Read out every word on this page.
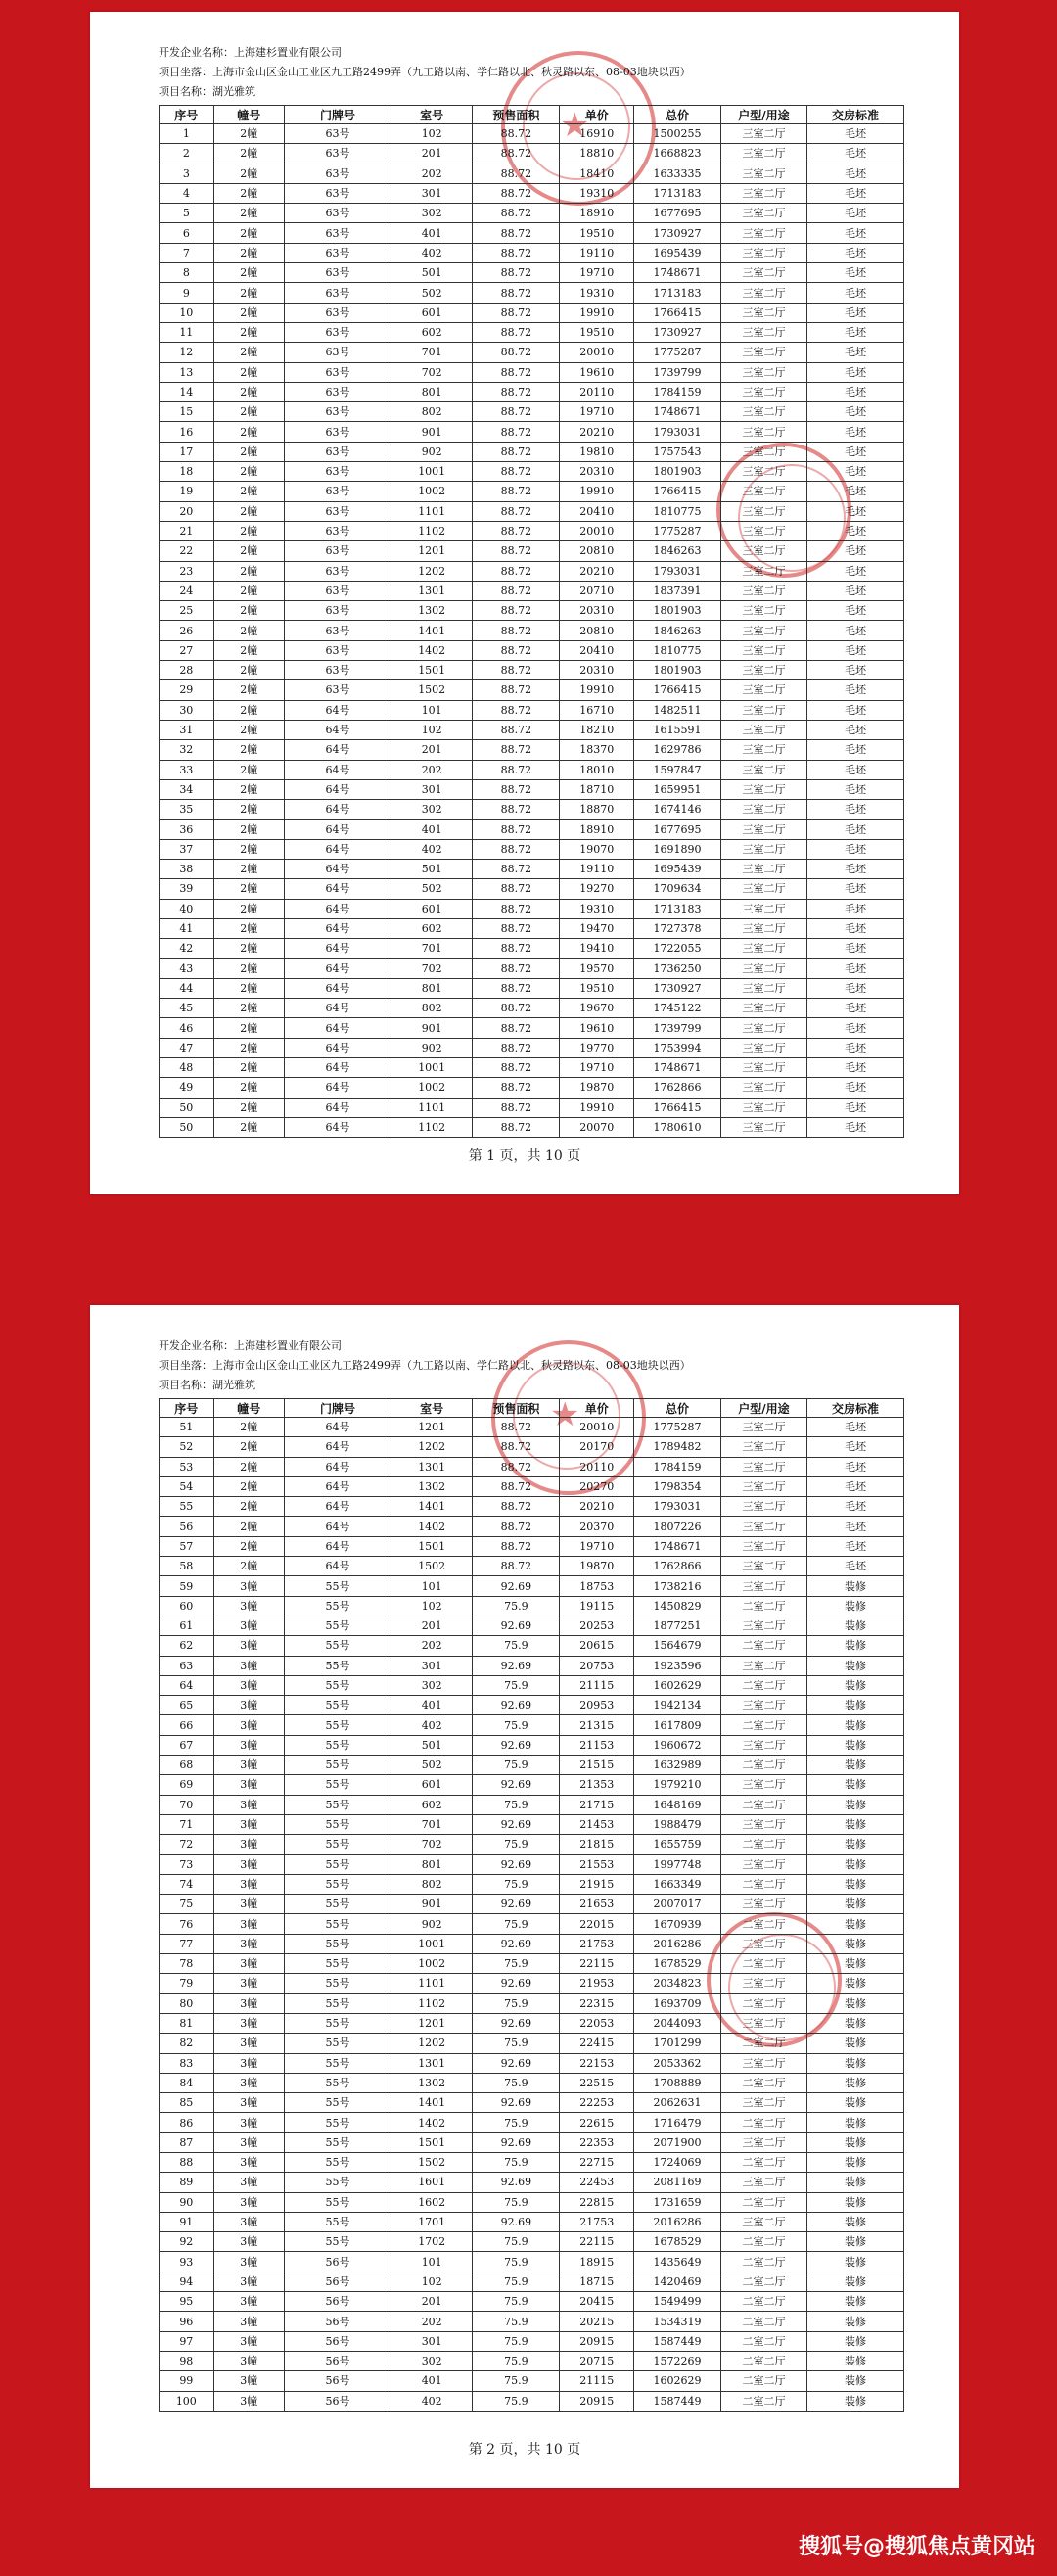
★
开发企业名称：上海建杉置业有限公司
项目坐落：上海市金山区金山工业区九工路2499弄（九工路以南、学仁路以北、秋灵路以东、08-03地块以西）
项目名称：湖光雅筑
序号	幢号	门牌号	室号	预售面积	单价	总价	户型/用途	交房标准
1	2幢	63号	102	88.72	16910	1500255	三室二厅	毛坯
2	2幢	63号	201	88.72	18810	1668823	三室二厅	毛坯
3	2幢	63号	202	88.72	18410	1633335	三室二厅	毛坯
4	2幢	63号	301	88.72	19310	1713183	三室二厅	毛坯
5	2幢	63号	302	88.72	18910	1677695	三室二厅	毛坯
6	2幢	63号	401	88.72	19510	1730927	三室二厅	毛坯
7	2幢	63号	402	88.72	19110	1695439	三室二厅	毛坯
8	2幢	63号	501	88.72	19710	1748671	三室二厅	毛坯
9	2幢	63号	502	88.72	19310	1713183	三室二厅	毛坯
10	2幢	63号	601	88.72	19910	1766415	三室二厅	毛坯
11	2幢	63号	602	88.72	19510	1730927	三室二厅	毛坯
12	2幢	63号	701	88.72	20010	1775287	三室二厅	毛坯
13	2幢	63号	702	88.72	19610	1739799	三室二厅	毛坯
14	2幢	63号	801	88.72	20110	1784159	三室二厅	毛坯
15	2幢	63号	802	88.72	19710	1748671	三室二厅	毛坯
16	2幢	63号	901	88.72	20210	1793031	三室二厅	毛坯
17	2幢	63号	902	88.72	19810	1757543	三室二厅	毛坯
18	2幢	63号	1001	88.72	20310	1801903	三室二厅	毛坯
19	2幢	63号	1002	88.72	19910	1766415	三室二厅	毛坯
20	2幢	63号	1101	88.72	20410	1810775	三室二厅	毛坯
21	2幢	63号	1102	88.72	20010	1775287	三室二厅	毛坯
22	2幢	63号	1201	88.72	20810	1846263	三室二厅	毛坯
23	2幢	63号	1202	88.72	20210	1793031	三室二厅	毛坯
24	2幢	63号	1301	88.72	20710	1837391	三室二厅	毛坯
25	2幢	63号	1302	88.72	20310	1801903	三室二厅	毛坯
26	2幢	63号	1401	88.72	20810	1846263	三室二厅	毛坯
27	2幢	63号	1402	88.72	20410	1810775	三室二厅	毛坯
28	2幢	63号	1501	88.72	20310	1801903	三室二厅	毛坯
29	2幢	63号	1502	88.72	19910	1766415	三室二厅	毛坯
30	2幢	64号	101	88.72	16710	1482511	三室二厅	毛坯
31	2幢	64号	102	88.72	18210	1615591	三室二厅	毛坯
32	2幢	64号	201	88.72	18370	1629786	三室二厅	毛坯
33	2幢	64号	202	88.72	18010	1597847	三室二厅	毛坯
34	2幢	64号	301	88.72	18710	1659951	三室二厅	毛坯
35	2幢	64号	302	88.72	18870	1674146	三室二厅	毛坯
36	2幢	64号	401	88.72	18910	1677695	三室二厅	毛坯
37	2幢	64号	402	88.72	19070	1691890	三室二厅	毛坯
38	2幢	64号	501	88.72	19110	1695439	三室二厅	毛坯
39	2幢	64号	502	88.72	19270	1709634	三室二厅	毛坯
40	2幢	64号	601	88.72	19310	1713183	三室二厅	毛坯
41	2幢	64号	602	88.72	19470	1727378	三室二厅	毛坯
42	2幢	64号	701	88.72	19410	1722055	三室二厅	毛坯
43	2幢	64号	702	88.72	19570	1736250	三室二厅	毛坯
44	2幢	64号	801	88.72	19510	1730927	三室二厅	毛坯
45	2幢	64号	802	88.72	19670	1745122	三室二厅	毛坯
46	2幢	64号	901	88.72	19610	1739799	三室二厅	毛坯
47	2幢	64号	902	88.72	19770	1753994	三室二厅	毛坯
48	2幢	64号	1001	88.72	19710	1748671	三室二厅	毛坯
49	2幢	64号	1002	88.72	19870	1762866	三室二厅	毛坯
50	2幢	64号	1101	88.72	19910	1766415	三室二厅	毛坯
50	2幢	64号	1102	88.72	20070	1780610	三室二厅	毛坯
第 1 页，共 10 页
★
开发企业名称：上海建杉置业有限公司
项目坐落：上海市金山区金山工业区九工路2499弄（九工路以南、学仁路以北、秋灵路以东、08-03地块以西）
项目名称：湖光雅筑
序号	幢号	门牌号	室号	预售面积	单价	总价	户型/用途	交房标准
51	2幢	64号	1201	88.72	20010	1775287	三室二厅	毛坯
52	2幢	64号	1202	88.72	20170	1789482	三室二厅	毛坯
53	2幢	64号	1301	88.72	20110	1784159	三室二厅	毛坯
54	2幢	64号	1302	88.72	20270	1798354	三室二厅	毛坯
55	2幢	64号	1401	88.72	20210	1793031	三室二厅	毛坯
56	2幢	64号	1402	88.72	20370	1807226	三室二厅	毛坯
57	2幢	64号	1501	88.72	19710	1748671	三室二厅	毛坯
58	2幢	64号	1502	88.72	19870	1762866	三室二厅	毛坯
59	3幢	55号	101	92.69	18753	1738216	三室二厅	装修
60	3幢	55号	102	75.9	19115	1450829	二室二厅	装修
61	3幢	55号	201	92.69	20253	1877251	三室二厅	装修
62	3幢	55号	202	75.9	20615	1564679	二室二厅	装修
63	3幢	55号	301	92.69	20753	1923596	三室二厅	装修
64	3幢	55号	302	75.9	21115	1602629	二室二厅	装修
65	3幢	55号	401	92.69	20953	1942134	三室二厅	装修
66	3幢	55号	402	75.9	21315	1617809	二室二厅	装修
67	3幢	55号	501	92.69	21153	1960672	三室二厅	装修
68	3幢	55号	502	75.9	21515	1632989	二室二厅	装修
69	3幢	55号	601	92.69	21353	1979210	三室二厅	装修
70	3幢	55号	602	75.9	21715	1648169	二室二厅	装修
71	3幢	55号	701	92.69	21453	1988479	三室二厅	装修
72	3幢	55号	702	75.9	21815	1655759	二室二厅	装修
73	3幢	55号	801	92.69	21553	1997748	三室二厅	装修
74	3幢	55号	802	75.9	21915	1663349	二室二厅	装修
75	3幢	55号	901	92.69	21653	2007017	三室二厅	装修
76	3幢	55号	902	75.9	22015	1670939	二室二厅	装修
77	3幢	55号	1001	92.69	21753	2016286	三室二厅	装修
78	3幢	55号	1002	75.9	22115	1678529	二室二厅	装修
79	3幢	55号	1101	92.69	21953	2034823	三室二厅	装修
80	3幢	55号	1102	75.9	22315	1693709	二室二厅	装修
81	3幢	55号	1201	92.69	22053	2044093	三室二厅	装修
82	3幢	55号	1202	75.9	22415	1701299	二室二厅	装修
83	3幢	55号	1301	92.69	22153	2053362	三室二厅	装修
84	3幢	55号	1302	75.9	22515	1708889	二室二厅	装修
85	3幢	55号	1401	92.69	22253	2062631	三室二厅	装修
86	3幢	55号	1402	75.9	22615	1716479	二室二厅	装修
87	3幢	55号	1501	92.69	22353	2071900	三室二厅	装修
88	3幢	55号	1502	75.9	22715	1724069	二室二厅	装修
89	3幢	55号	1601	92.69	22453	2081169	三室二厅	装修
90	3幢	55号	1602	75.9	22815	1731659	二室二厅	装修
91	3幢	55号	1701	92.69	21753	2016286	三室二厅	装修
92	3幢	55号	1702	75.9	22115	1678529	二室二厅	装修
93	3幢	56号	101	75.9	18915	1435649	二室二厅	装修
94	3幢	56号	102	75.9	18715	1420469	二室二厅	装修
95	3幢	56号	201	75.9	20415	1549499	二室二厅	装修
96	3幢	56号	202	75.9	20215	1534319	二室二厅	装修
97	3幢	56号	301	75.9	20915	1587449	二室二厅	装修
98	3幢	56号	302	75.9	20715	1572269	二室二厅	装修
99	3幢	56号	401	75.9	21115	1602629	二室二厅	装修
100	3幢	56号	402	75.9	20915	1587449	二室二厅	装修
第 2 页，共 10 页
搜狐号@搜狐焦点黄冈站
